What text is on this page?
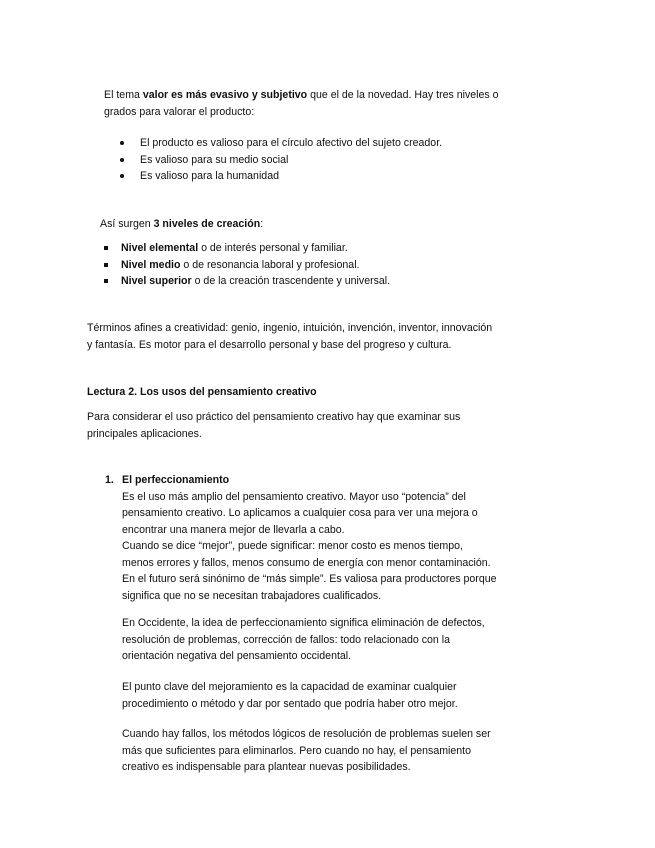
El tema valor es más evasivo y subjetivo que el de la novedad. Hay tres niveles o

grados para valorar el producto:

El producto es valioso para el círculo afectivo del sujeto creador.
Es valioso para su medio social
Es valioso para la humanidad

Así surgen 3 niveles de creación:

Nivel elemental o de interés personal y familiar.
Nivel medio o de resonancia laboral y profesional.
Nivel superior o de la creación trascendente y universal.

Términos afines a creatividad: genio, ingenio, intuición, invención, inventor, innovación

y fantasía. Es motor para el desarrollo personal y base del progreso y cultura.

Lectura 2. Los usos del pensamiento creativo

Para considerar el uso práctico del pensamiento creativo hay que examinar sus

principales aplicaciones.

1. El perfeccionamiento

Es el uso más amplio del pensamiento creativo. Mayor uso “potencia” del

pensamiento creativo. Lo aplicamos a cualquier cosa para ver una mejora o

encontrar una manera mejor de llevarla a cabo.

Cuando se dice “mejor”, puede significar: menor costo es menos tiempo,

menos errores y fallos, menos consumo de energía con menor contaminación.

En el futuro será sinónimo de “más simple”. Es valiosa para productores porque

significa que no se necesitan trabajadores cualificados.

En Occidente, la idea de perfeccionamiento significa eliminación de defectos,

resolución de problemas, corrección de fallos: todo relacionado con la

orientación negativa del pensamiento occidental.

El punto clave del mejoramiento es la capacidad de examinar cualquier

procedimiento o método y dar por sentado que podría haber otro mejor.

Cuando hay fallos, los métodos lógicos de resolución de problemas suelen ser

más que suficientes para eliminarlos. Pero cuando no hay, el pensamiento

creativo es indispensable para plantear nuevas posibilidades.
